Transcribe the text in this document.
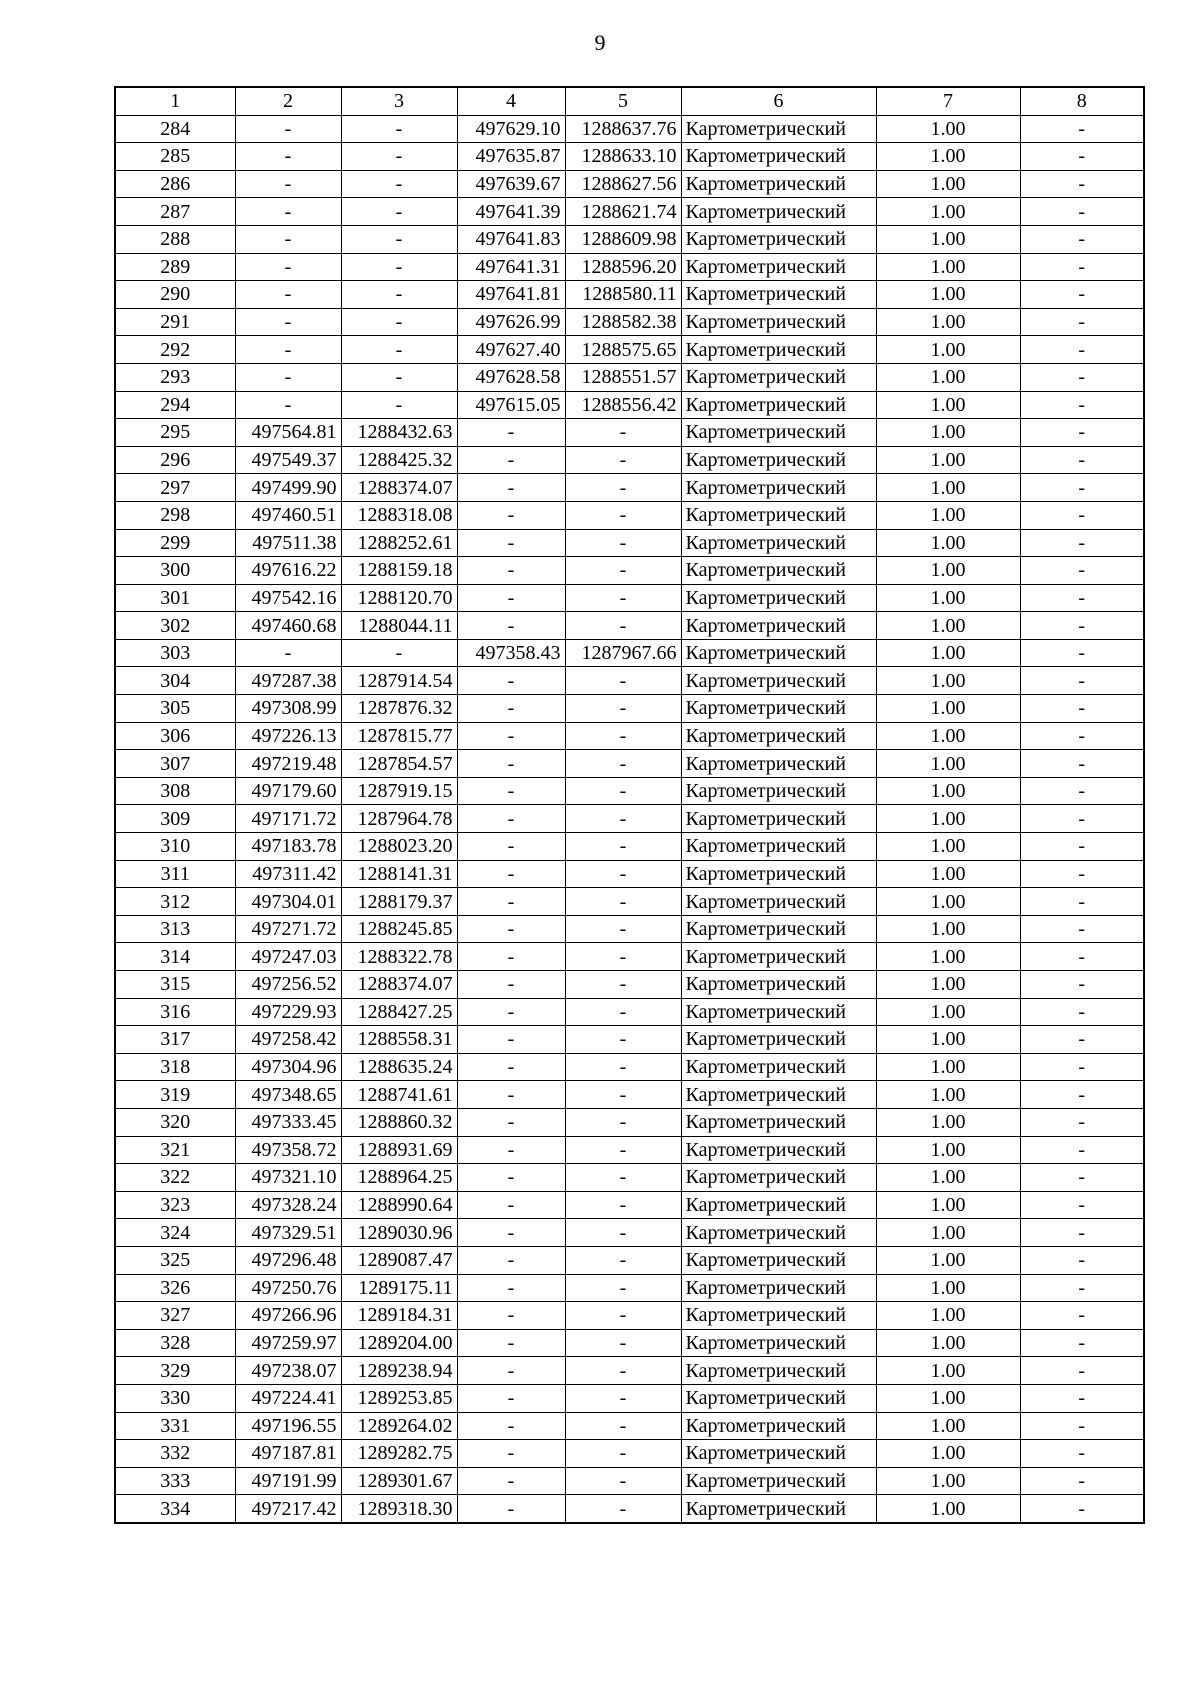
9
1	2	3	4	5	6	7	8
284	-	-	497629.10	1288637.76	Картометрический	1.00	-
285	-	-	497635.87	1288633.10	Картометрический	1.00	-
286	-	-	497639.67	1288627.56	Картометрический	1.00	-
287	-	-	497641.39	1288621.74	Картометрический	1.00	-
288	-	-	497641.83	1288609.98	Картометрический	1.00	-
289	-	-	497641.31	1288596.20	Картометрический	1.00	-
290	-	-	497641.81	1288580.11	Картометрический	1.00	-
291	-	-	497626.99	1288582.38	Картометрический	1.00	-
292	-	-	497627.40	1288575.65	Картометрический	1.00	-
293	-	-	497628.58	1288551.57	Картометрический	1.00	-
294	-	-	497615.05	1288556.42	Картометрический	1.00	-
295	497564.81	1288432.63	-	-	Картометрический	1.00	-
296	497549.37	1288425.32	-	-	Картометрический	1.00	-
297	497499.90	1288374.07	-	-	Картометрический	1.00	-
298	497460.51	1288318.08	-	-	Картометрический	1.00	-
299	497511.38	1288252.61	-	-	Картометрический	1.00	-
300	497616.22	1288159.18	-	-	Картометрический	1.00	-
301	497542.16	1288120.70	-	-	Картометрический	1.00	-
302	497460.68	1288044.11	-	-	Картометрический	1.00	-
303	-	-	497358.43	1287967.66	Картометрический	1.00	-
304	497287.38	1287914.54	-	-	Картометрический	1.00	-
305	497308.99	1287876.32	-	-	Картометрический	1.00	-
306	497226.13	1287815.77	-	-	Картометрический	1.00	-
307	497219.48	1287854.57	-	-	Картометрический	1.00	-
308	497179.60	1287919.15	-	-	Картометрический	1.00	-
309	497171.72	1287964.78	-	-	Картометрический	1.00	-
310	497183.78	1288023.20	-	-	Картометрический	1.00	-
311	497311.42	1288141.31	-	-	Картометрический	1.00	-
312	497304.01	1288179.37	-	-	Картометрический	1.00	-
313	497271.72	1288245.85	-	-	Картометрический	1.00	-
314	497247.03	1288322.78	-	-	Картометрический	1.00	-
315	497256.52	1288374.07	-	-	Картометрический	1.00	-
316	497229.93	1288427.25	-	-	Картометрический	1.00	-
317	497258.42	1288558.31	-	-	Картометрический	1.00	-
318	497304.96	1288635.24	-	-	Картометрический	1.00	-
319	497348.65	1288741.61	-	-	Картометрический	1.00	-
320	497333.45	1288860.32	-	-	Картометрический	1.00	-
321	497358.72	1288931.69	-	-	Картометрический	1.00	-
322	497321.10	1288964.25	-	-	Картометрический	1.00	-
323	497328.24	1288990.64	-	-	Картометрический	1.00	-
324	497329.51	1289030.96	-	-	Картометрический	1.00	-
325	497296.48	1289087.47	-	-	Картометрический	1.00	-
326	497250.76	1289175.11	-	-	Картометрический	1.00	-
327	497266.96	1289184.31	-	-	Картометрический	1.00	-
328	497259.97	1289204.00	-	-	Картометрический	1.00	-
329	497238.07	1289238.94	-	-	Картометрический	1.00	-
330	497224.41	1289253.85	-	-	Картометрический	1.00	-
331	497196.55	1289264.02	-	-	Картометрический	1.00	-
332	497187.81	1289282.75	-	-	Картометрический	1.00	-
333	497191.99	1289301.67	-	-	Картометрический	1.00	-
334	497217.42	1289318.30	-	-	Картометрический	1.00	-
